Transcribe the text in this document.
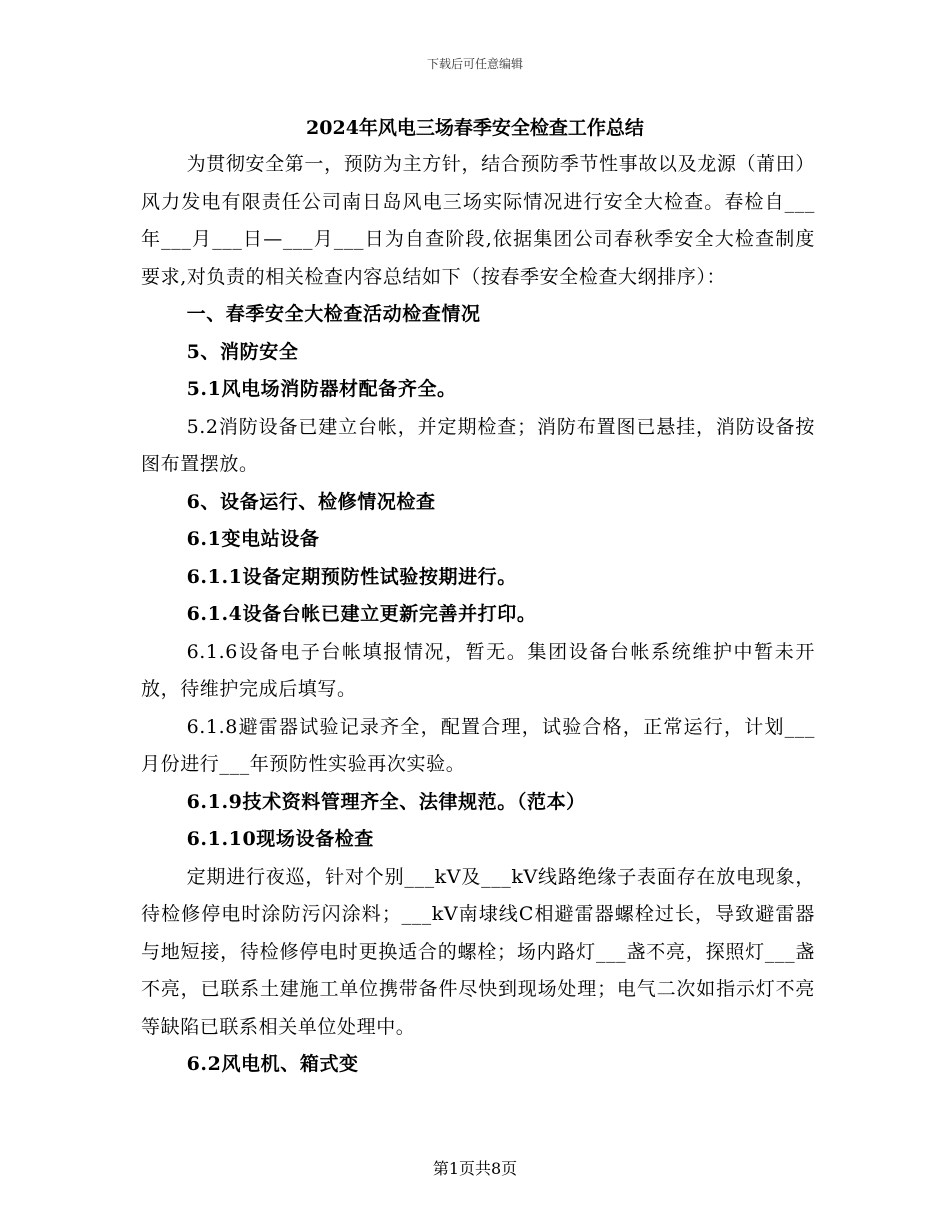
下载后可任意编辑
2024年风电三场春季安全检查工作总结

为贯彻安全第一，预防为主方针，结合预防季节性事故以及龙源（莆田）风力发电有限责任公司南日岛风电三场实际情况进行安全大检查。春检自___年___月___日—___月___日为自查阶段,依据集团公司春秋季安全大检查制度要求,对负责的相关检查内容总结如下（按春季安全检查大纲排序）：

一、春季安全大检查活动检查情况

5、消防安全

5.1风电场消防器材配备齐全。

5.2消防设备已建立台帐，并定期检查；消防布置图已悬挂，消防设备按图布置摆放。

6、设备运行、检修情况检查

6.1变电站设备

6.1.1设备定期预防性试验按期进行。

6.1.4设备台帐已建立更新完善并打印。

6.1.6设备电子台帐填报情况，暂无。集团设备台帐系统维护中暂未开放，待维护完成后填写。

6.1.8避雷器试验记录齐全，配置合理，试验合格，正常运行，计划___月份进行___年预防性实验再次实验。

6.1.9技术资料管理齐全、法律规范。（范本）

6.1.10现场设备检查

定期进行夜巡，针对个别___kV及___kV线路绝缘子表面存在放电现象，待检修停电时涂防污闪涂料；___kV南埭线C相避雷器螺栓过长，导致避雷器与地短接，待检修停电时更换适合的螺栓；场内路灯___盏不亮，探照灯___盏不亮，已联系土建施工单位携带备件尽快到现场处理；电气二次如指示灯不亮等缺陷已联系相关单位处理中。

6.2风电机、箱式变

第1页共8页
